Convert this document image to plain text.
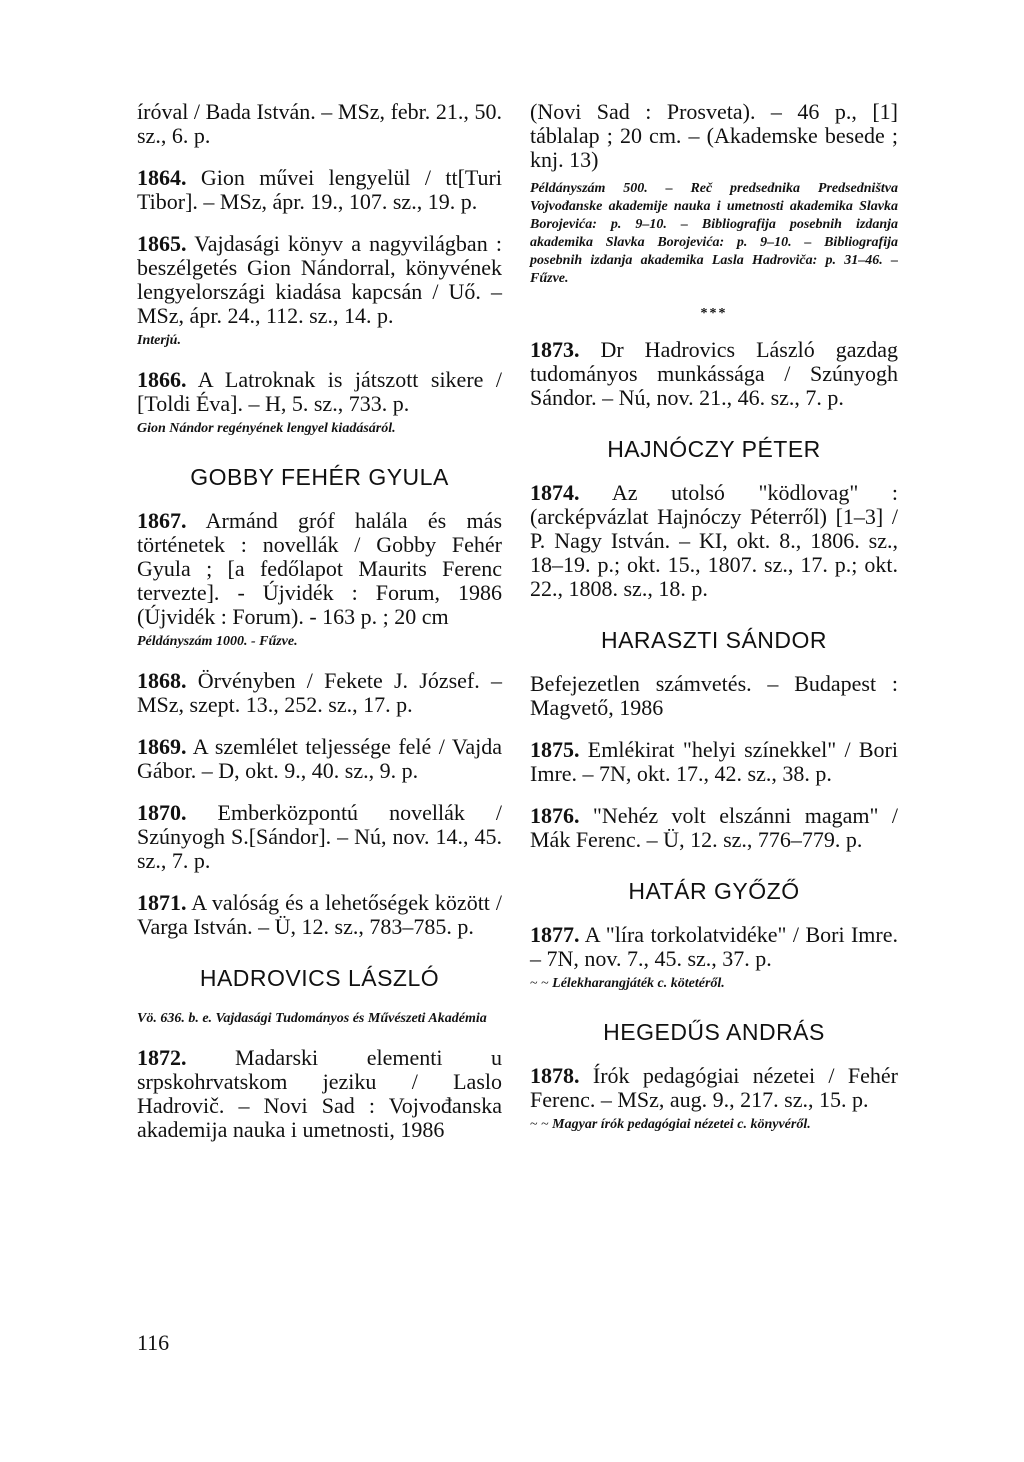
íróval / Bada István. – MSz, febr. 21., 50. sz., 6. p.

1864. Gion művei lengyelül / tt[Turi Tibor]. – MSz, ápr. 19., 107. sz., 19. p.

1865. Vajdasági könyv a nagyvilágban : beszélgetés Gion Nándorral, könyvének lengyelországi kiadása kapcsán / Uő. – MSz, ápr. 24., 112. sz., 14. p.

Interjú.

1866. A Latroknak is játszott sikere / [Toldi Éva]. – H, 5. sz., 733. p.

Gion Nándor regényének lengyel kiadásáról.

GOBBY FEHÉR GYULA

1867. Armánd gróf halála és más történetek : novellák / Gobby Fehér Gyula ; [a fedőlapot Maurits Ferenc tervezte]. - Újvidék : Forum, 1986 (Újvidék : Forum). - 163 p. ; 20 cm

Példányszám 1000. - Fűzve.

1868. Örvényben / Fekete J. József. – MSz, szept. 13., 252. sz., 17. p.

1869. A szemlélet teljessége felé / Vajda Gábor. – D, okt. 9., 40. sz., 9. p.

1870. Emberközpontú novellák / Szúnyogh S.[Sándor]. – Nú, nov. 14., 45. sz., 7. p.

1871. A valóság és a lehetőségek között / Varga István. – Ü, 12. sz., 783–785. p.

HADROVICS LÁSZLÓ

Vö. 636. b. e. Vajdasági Tudományos és Művészeti Akadémia

1872. Madarski elementi u srpskohrvatskom jeziku / Laslo Hadrovič. – Novi Sad : Vojvođanska akademija nauka i umetnosti, 1986

(Novi Sad : Prosveta). – 46 p., [1] táblalap ; 20 cm. – (Akademske besede ; knj. 13)

Példányszám 500. – Reč predsednika Predsedništva Vojvođanske akademije nauka i umetnosti akademika Slavka Borojevića: p. 9–10. – Bibliografija posebnih izdanja akademika Slavka Borojevića: p. 9–10. – Bibliografija posebnih izdanja akademika Lasla Hadroviča: p. 31–46. – Fűzve.

***

1873. Dr Hadrovics László gazdag tudományos munkássága / Szúnyogh Sándor. – Nú, nov. 21., 46. sz., 7. p.

HAJNÓCZY PÉTER

1874. Az utolsó "ködlovag" : (arcképvázlat Hajnóczy Péterről) [1–3] / P. Nagy István. – KI, okt. 8., 1806. sz., 18–19. p.; okt. 15., 1807. sz., 17. p.; okt. 22., 1808. sz., 18. p.

HARASZTI SÁNDOR

Befejezetlen számvetés. – Budapest : Magvető, 1986

1875. Emlékirat "helyi színekkel" / Bori Imre. – 7N, okt. 17., 42. sz., 38. p.

1876. "Nehéz volt elszánni magam" / Mák Ferenc. – Ü, 12. sz., 776–779. p.

HATÁR GYŐZŐ

1877. A "líra torkolatvidéke" / Bori Imre. – 7N, nov. 7., 45. sz., 37. p.

~ ~ Lélekharangjáték c. kötetéről.

HEGEDŰS ANDRÁS

1878. Írók pedagógiai nézetei / Fehér Ferenc. – MSz, aug. 9., 217. sz., 15. p.

~ ~ Magyar írók pedagógiai nézetei c. könyvéről.

116
